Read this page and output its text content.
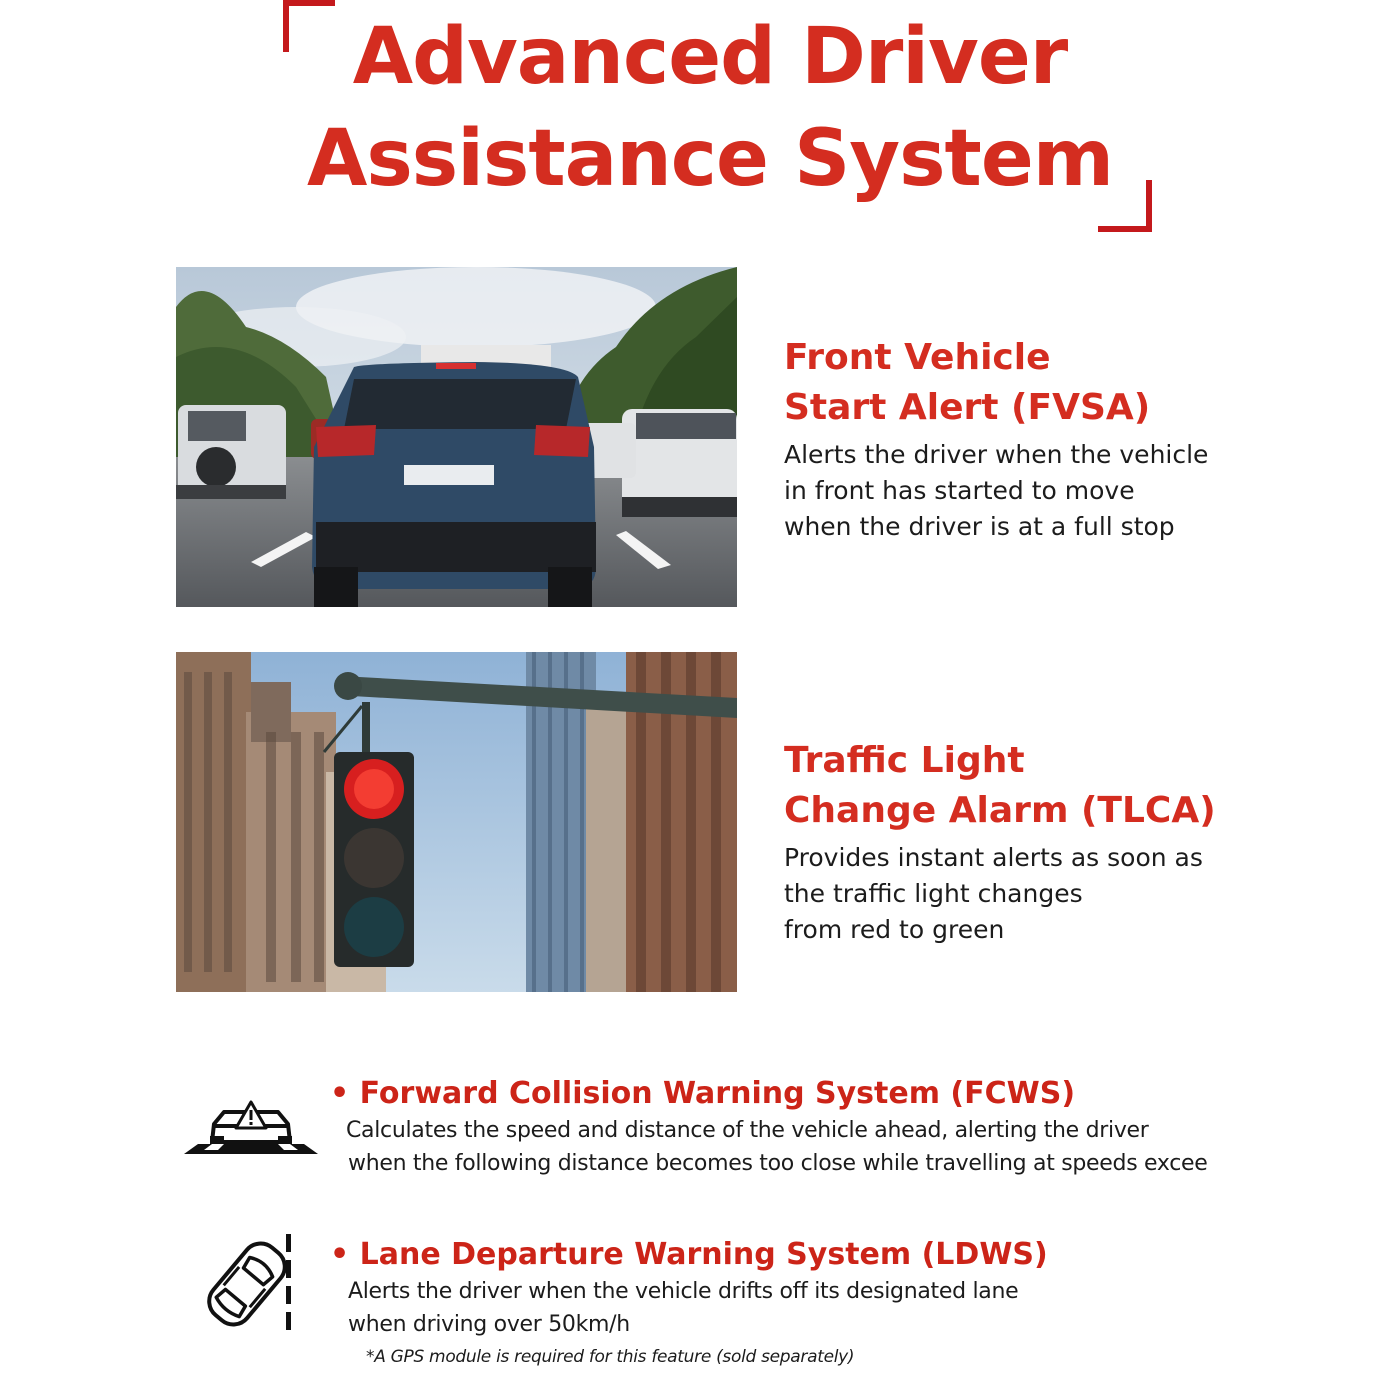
Advanced Driver
Assistance System
Front Vehicle
Start Alert (FVSA)

Alerts the driver when the vehicle
in front has started to move
when the driver is at a full stop

Traffic Light
Change Alarm (TLCA)

Provides instant alerts as soon as
the traffic light changes
from red to green

• Forward Collision Warning System (FCWS)

Calculates the speed and distance of the vehicle ahead, alerting the driver
when the following distance becomes too close while travelling at speeds excee

• Lane Departure Warning System (LDWS)

Alerts the driver when the vehicle drifts off its designated lane
when driving over 50km/h
*A GPS module is required for this feature (sold separately)
